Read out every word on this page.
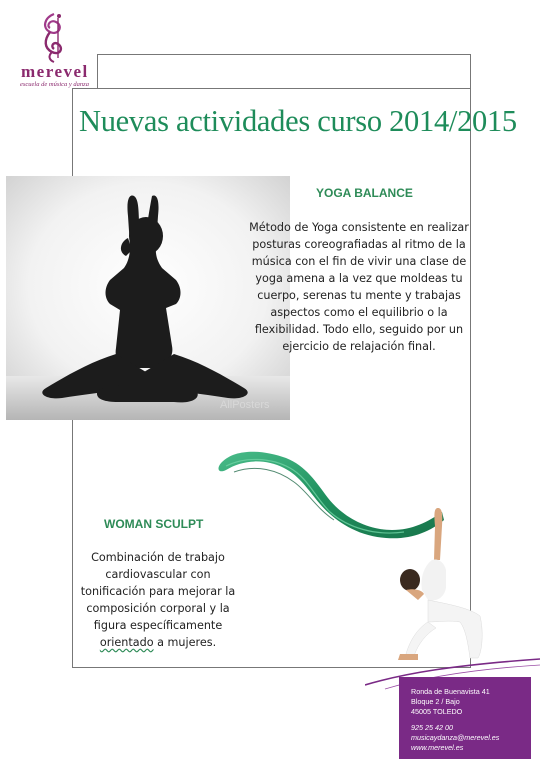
merevel
escuela de música y danza
Nuevas actividades curso 2014/2015
AllPosters
YOGA BALANCE
Método de Yoga consistente en realizar
posturas coreografiadas al ritmo de la
música con el fin de vivir una clase de
yoga amena a la vez que moldeas tu
cuerpo, serenas tu mente y trabajas
aspectos como el equilibrio o la
flexibilidad. Todo ello, seguido por un
ejercicio de relajación final.
WOMAN SCULPT
Combinación de trabajo
cardiovascular con
tonificación para mejorar la
composición corporal y la
figura específicamente
orientado a mujeres.
Ronda de Buenavista 41
Bloque 2 / Bajo
45005 TOLEDO
925 25 42 00
musicaydanza@merevel.es
www.merevel.es
